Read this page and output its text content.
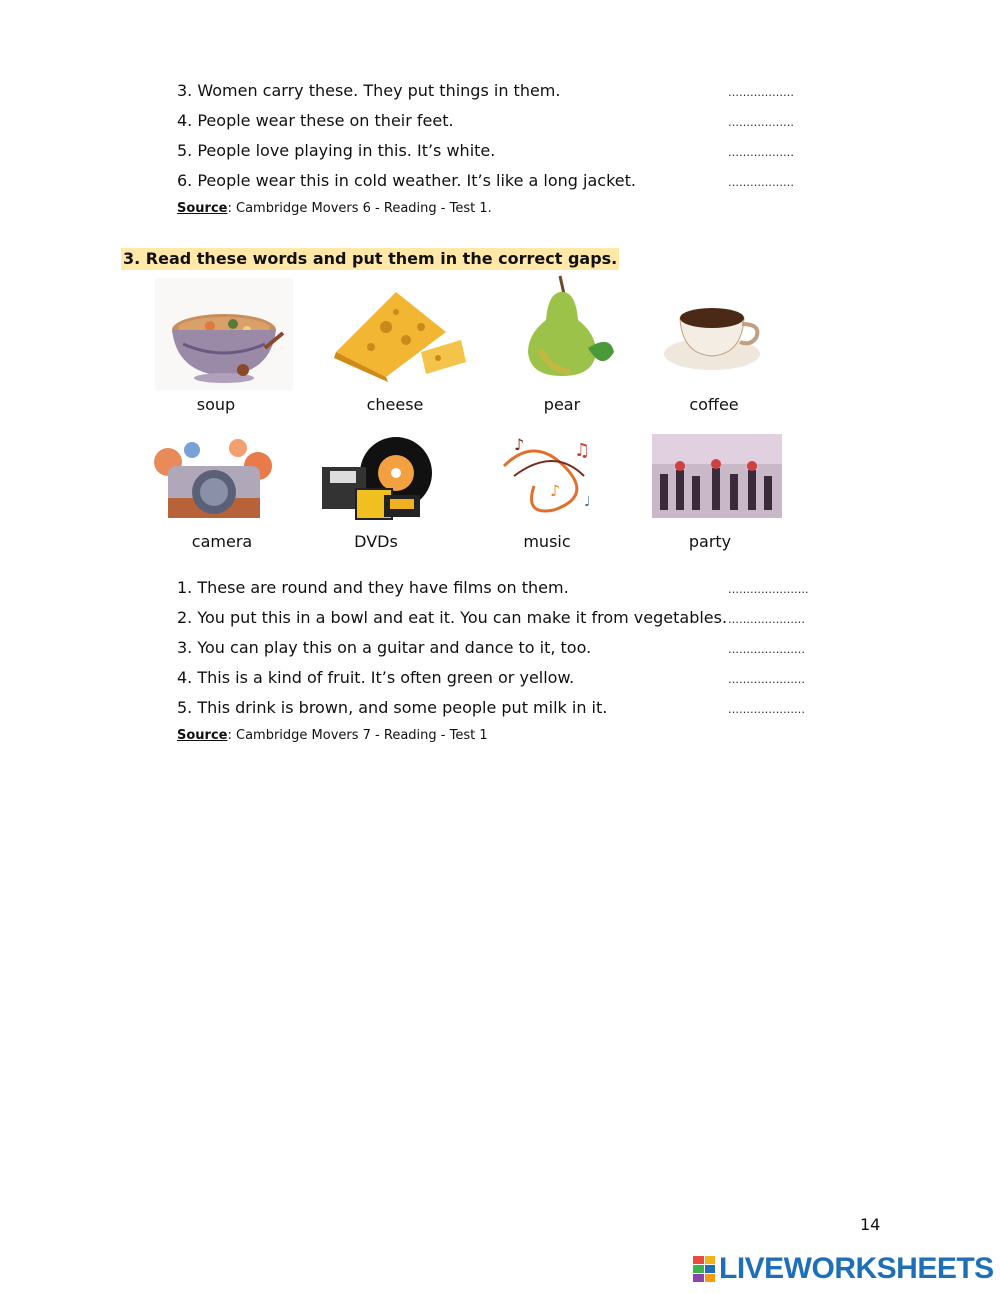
3. Women carry these. They put things in them.	………………
4. People wear these on their feet.	………………
5. People love playing in this. It’s white.	………………
6. People wear this in cold weather. It’s like a long jacket.	………………
Source: Cambridge Movers 6 - Reading - Test 1.
3. Read these words and put them in the correct gaps.
soup	cheese	pear	coffee
♪	♫
♪
♩
camera	DVDs	music	party
1. These are round and they have films on them.	………………….
2. You put this in a bowl and eat it. You can make it from vegetables. …………………
3. You can play this on a guitar and dance to it, too.	…………………
4. This is a kind of fruit. It’s often green or yellow.	…………………
5. This drink is brown, and some people put milk in it.	…………………
Source: Cambridge Movers 7 - Reading - Test 1
14
LIVEWORKSHEETS
